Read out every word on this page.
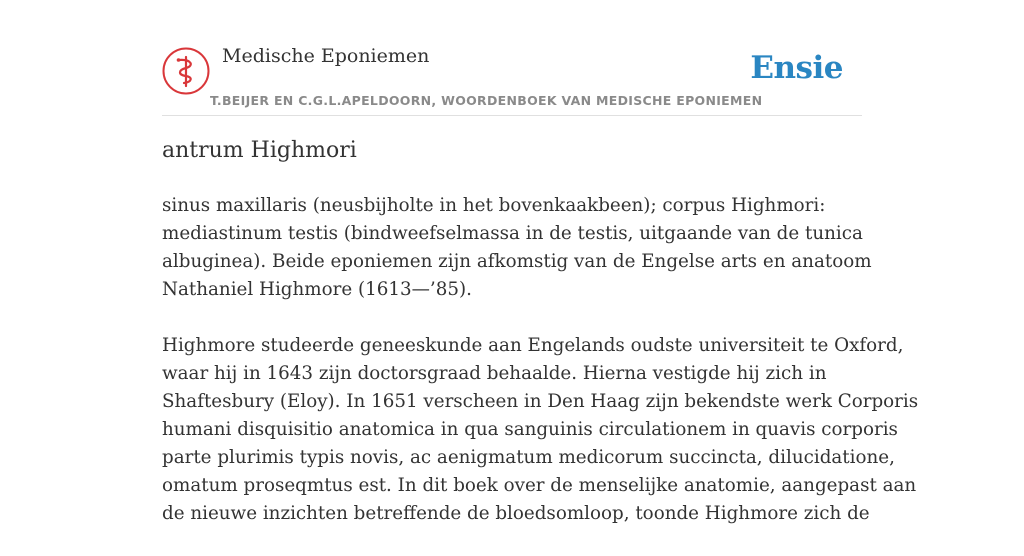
Medische Eponiemen
T.BEIJER EN C.G.L.APELDOORN, WOORDENBOEK VAN MEDISCHE EPONIEMEN
Ensie
antrum Highmori

sinus maxillaris (neusbijholte in het bovenkaakbeen); corpus Highmori:
mediastinum testis (bindweefselmassa in de testis, uitgaande van de tunica
albuginea). Beide eponiemen zijn afkomstig van de Engelse arts en anatoom
Nathaniel Highmore (1613—’85).

Highmore studeerde geneeskunde aan Engelands oudste universiteit te Oxford,
waar hij in 1643 zijn doctorsgraad behaalde. Hierna vestigde hij zich in
Shaftesbury (Eloy). In 1651 verscheen in Den Haag zijn bekendste werk Corporis
humani disquisitio anatomica in qua sanguinis circulationem in quavis corporis
parte plurimis typis novis, ac aenigmatum medicorum succincta, dilucidatione,
omatum proseqmtus est. In dit boek over de menselijke anatomie, aangepast aan
de nieuwe inzichten betreffende de bloedsomloop, toonde Highmore zich de
